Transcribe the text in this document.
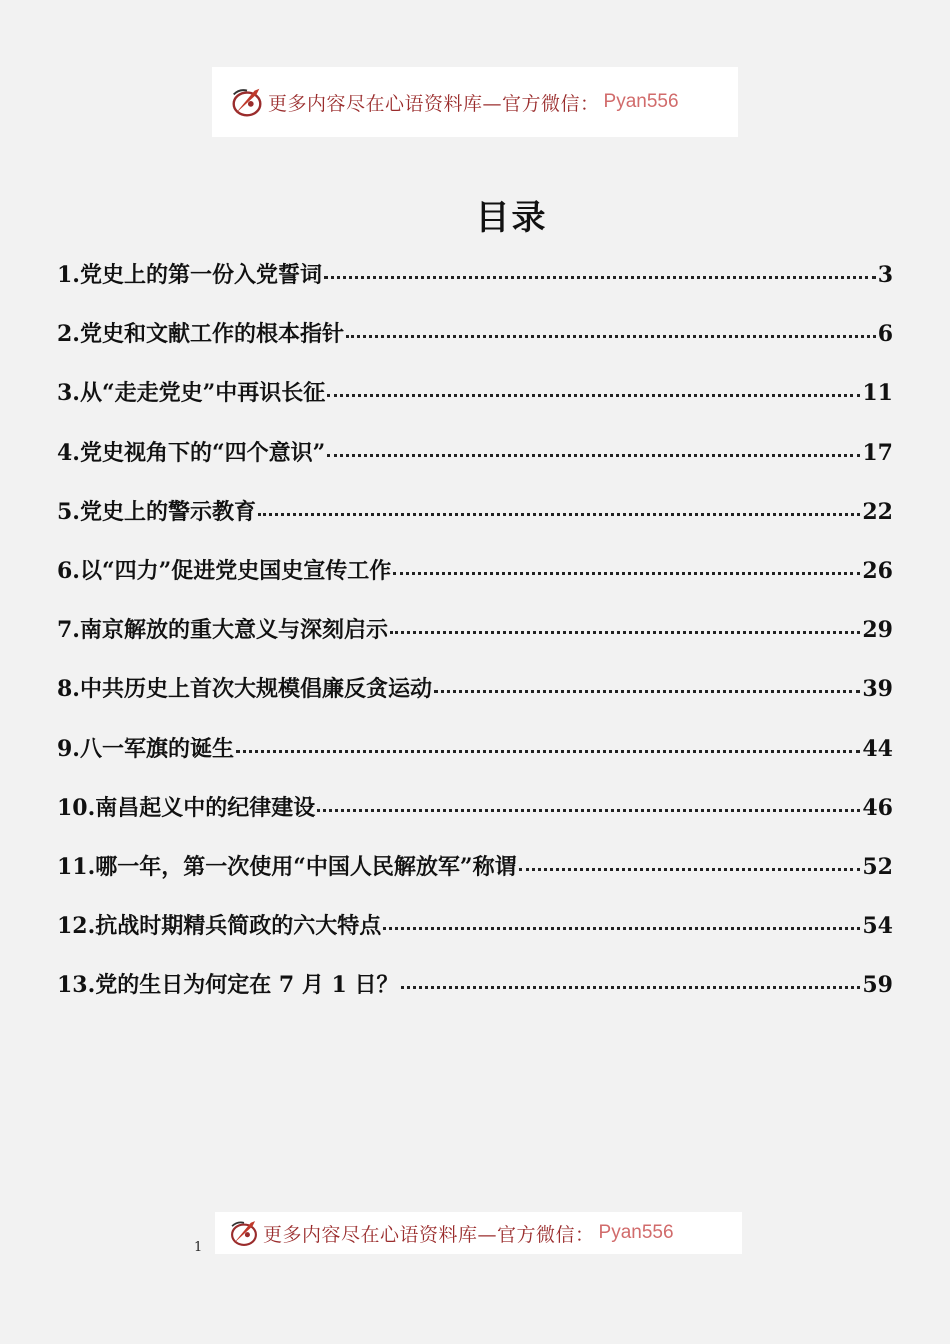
更多内容尽在心语资料库—官方微信： Pyan556
目录
1.党史上的第一份入党誓词	3
2.党史和文献工作的根本指针	6
3.从“走走党史”中再识长征	11
4.党史视角下的“四个意识”	17
5.党史上的警示教育	22
6.以“四力”促进党史国史宣传工作	26
7.南京解放的重大意义与深刻启示	29
8.中共历史上首次大规模倡廉反贪运动	39
9.八一军旗的诞生	44
10.南昌起义中的纪律建设	46
11.哪一年，第一次使用“中国人民解放军”称谓	52
12.抗战时期精兵简政的六大特点	54
13.党的生日为何定在 7 月 1 日？	59
更多内容尽在心语资料库—官方微信： Pyan556
1
